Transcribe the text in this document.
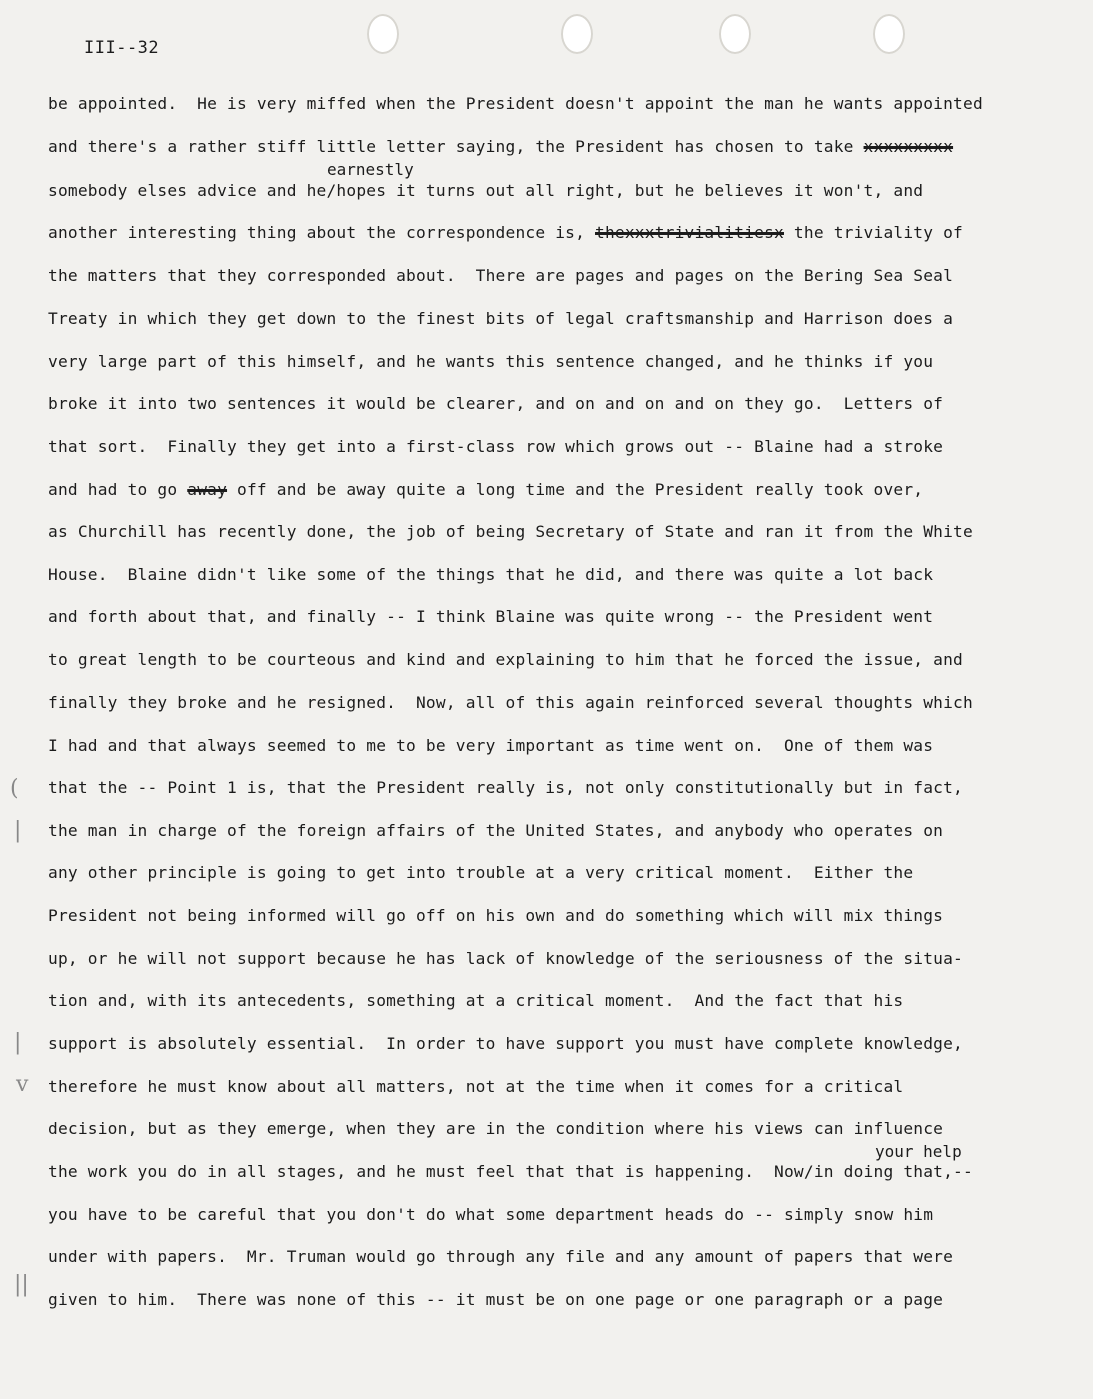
III--32
be appointed.  He is very miffed when the President doesn't appoint the man he wants appointed
and there's a rather stiff little letter saying, the President has chosen to take xxxxxxxxx
earnestly
somebody elses advice and he/hopes it turns out all right, but he believes it won't, and
another interesting thing about the correspondence is, thexxxtrivialitiesx the triviality of
the matters that they corresponded about.  There are pages and pages on the Bering Sea Seal
Treaty in which they get down to the finest bits of legal craftsmanship and Harrison does a
very large part of this himself, and he wants this sentence changed, and he thinks if you
broke it into two sentences it would be clearer, and on and on and on they go.  Letters of
that sort.  Finally they get into a first-class row which grows out -- Blaine had a stroke
and had to go away off and be away quite a long time and the President really took over,
as Churchill has recently done, the job of being Secretary of State and ran it from the White
House.  Blaine didn't like some of the things that he did, and there was quite a lot back
and forth about that, and finally -- I think Blaine was quite wrong -- the President went
to great length to be courteous and kind and explaining to him that he forced the issue, and
finally they broke and he resigned.  Now, all of this again reinforced several thoughts which
I had and that always seemed to me to be very important as time went on.  One of them was
that the -- Point 1 is, that the President really is, not only constitutionally but in fact,
the man in charge of the foreign affairs of the United States, and anybody who operates on
any other principle is going to get into trouble at a very critical moment.  Either the
President not being informed will go off on his own and do something which will mix things
up, or he will not support because he has lack of knowledge of the seriousness of the situa-
tion and, with its antecedents, something at a critical moment.  And the fact that his
support is absolutely essential.  In order to have support you must have complete knowledge,
therefore he must know about all matters, not at the time when it comes for a critical
decision, but as they emerge, when they are in the condition where his views can influence
your help
the work you do in all stages, and he must feel that that is happening.  Now/in doing that,--
you have to be careful that you don't do what some department heads do -- simply snow him
under with papers.  Mr. Truman would go through any file and any amount of papers that were
given to him.  There was none of this -- it must be on one page or one paragraph or a page
(
|
|
v
||
